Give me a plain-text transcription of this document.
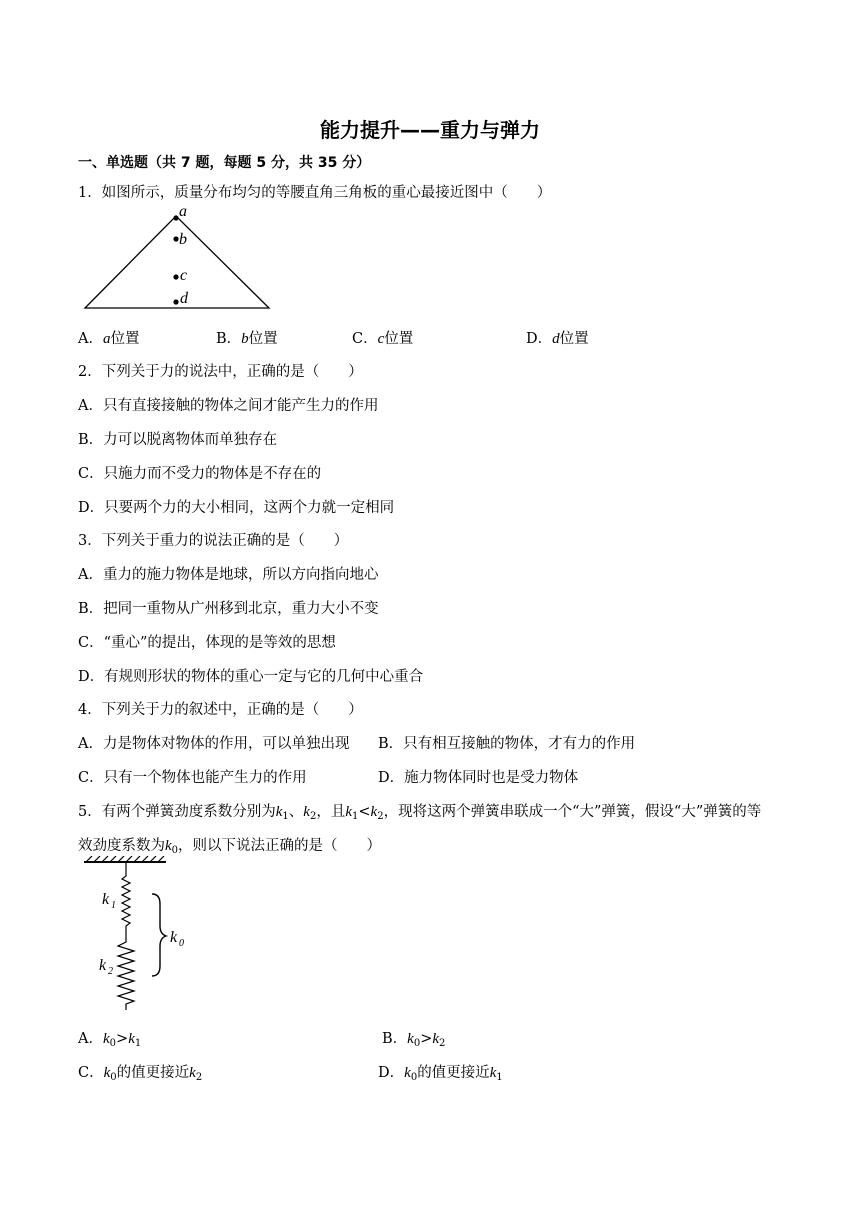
能力提升——重力与弹力
一、单选题（共 7 题，每题 5 分，共 35 分）
1．如图所示，质量分布均匀的等腰直角三角板的重心最接近图中（　　）
a
b
c
d
A．a位置	B．b位置	C．c位置	D．d位置
2．下列关于力的说法中，正确的是（　　）
A．只有直接接触的物体之间才能产生力的作用
B．力可以脱离物体而单独存在
C．只施力而不受力的物体是不存在的
D．只要两个力的大小相同，这两个力就一定相同
3．下列关于重力的说法正确的是（　　）
A．重力的施力物体是地球，所以方向指向地心
B．把同一重物从广州移到北京，重力大小不变
C．“重心”的提出，体现的是等效的思想
D．有规则形状的物体的重心一定与它的几何中心重合
4．下列关于力的叙述中，正确的是（　　）
A．力是物体对物体的作用，可以单独出现 B．只有相互接触的物体，才有力的作用
C．只有一个物体也能产生力的作用	D．施力物体同时也是受力物体
5．有两个弹簧劲度系数分别为$k_1$、$k_2$，且$k_1<k_2$，现将这两个弹簧串联成一个“大”弹簧，假设“大”弹簧的等
效劲度系数为$k_0$，则以下说法正确的是（　　）
k 1
k 2
k 0
A．$k_0>k_1$	B．$k_0>k_2$
C．$k_0$的值更接近$k_2$	D．$k_0$的值更接近$k_1$
